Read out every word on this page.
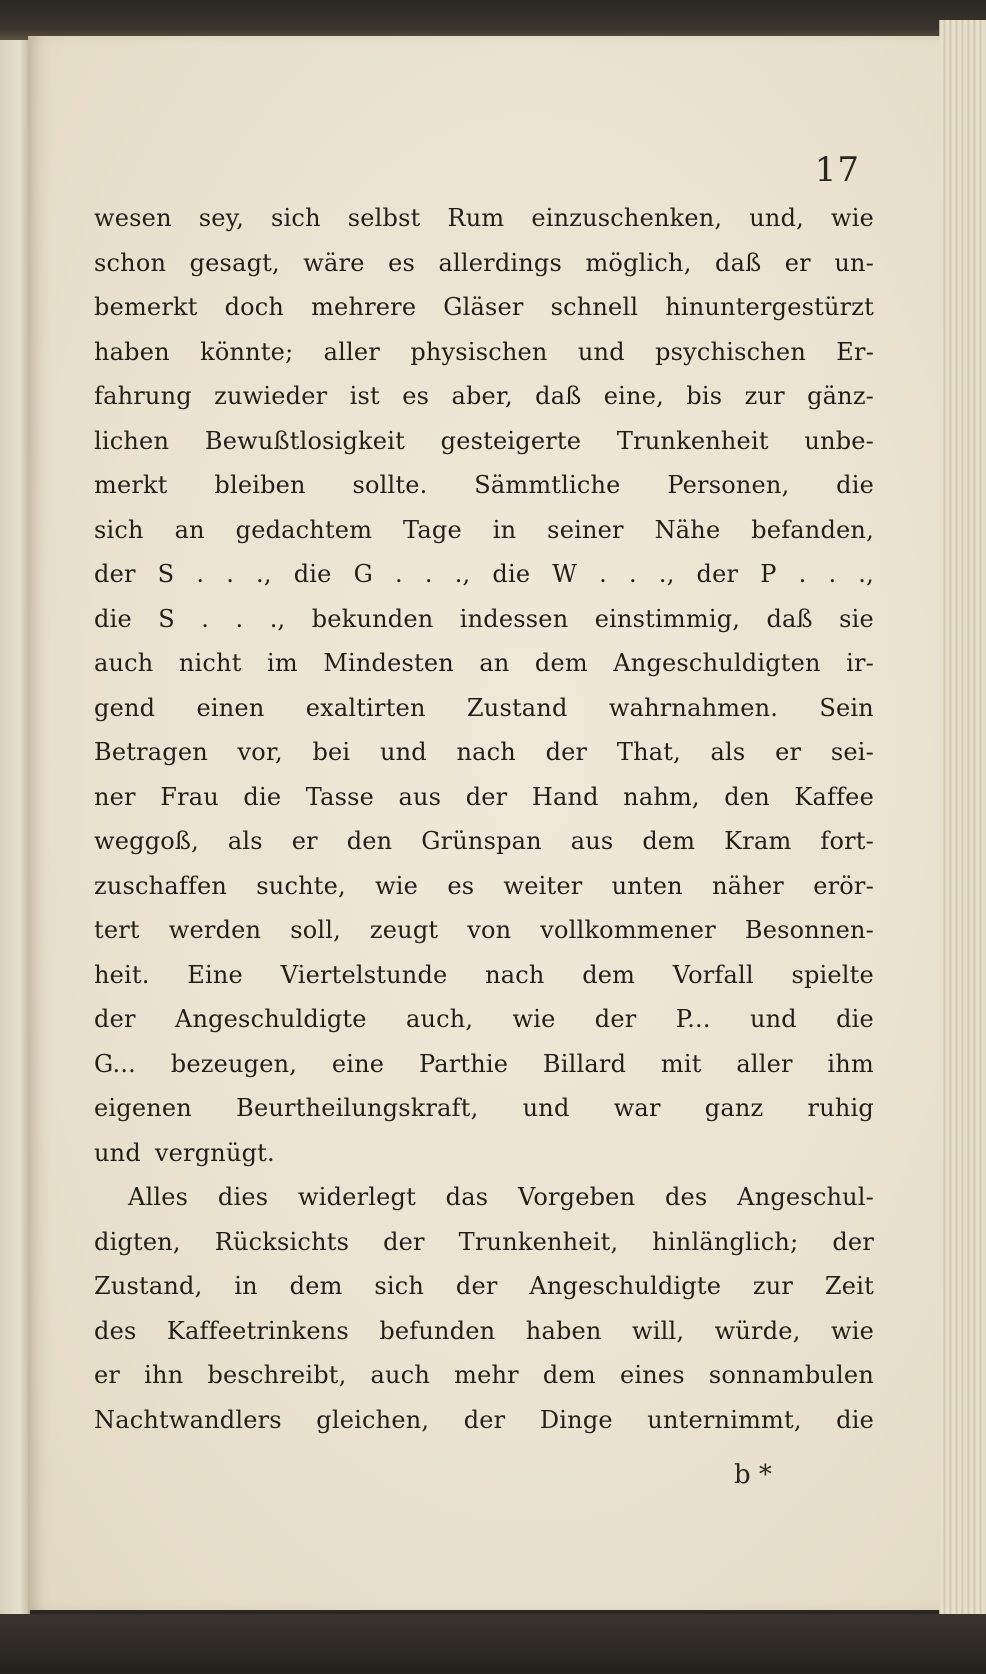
17
wesen sey, sich selbst Rum einzuschenken, und, wie
schon gesagt, wäre es allerdings möglich, daß er un-
bemerkt doch mehrere Gläser schnell hinuntergestürzt
haben könnte; aller physischen und psychischen Er-
fahrung zuwieder ist es aber, daß eine, bis zur gänz-
lichen Bewußtlosigkeit gesteigerte Trunkenheit unbe-
merkt bleiben sollte. Sämmtliche Personen, die
sich an gedachtem Tage in seiner Nähe befanden,
der S . . ., die G . . ., die W . . ., der P . . .,
die S . . ., bekunden indessen einstimmig, daß sie
auch nicht im Mindesten an dem Angeschuldigten ir-
gend einen exaltirten Zustand wahrnahmen. Sein
Betragen vor, bei und nach der That, als er sei-
ner Frau die Tasse aus der Hand nahm, den Kaffee
weggoß, als er den Grünspan aus dem Kram fort-
zuschaffen suchte, wie es weiter unten näher erör-
tert werden soll, zeugt von vollkommener Besonnen-
heit. Eine Viertelstunde nach dem Vorfall spielte
der Angeschuldigte auch, wie der P... und die
G... bezeugen, eine Parthie Billard mit aller ihm
eigenen Beurtheilungskraft, und war ganz ruhig
und vergnügt.
Alles dies widerlegt das Vorgeben des Angeschul-
digten, Rücksichts der Trunkenheit, hinlänglich; der
Zustand, in dem sich der Angeschuldigte zur Zeit
des Kaffeetrinkens befunden haben will, würde, wie
er ihn beschreibt, auch mehr dem eines sonnambulen
Nachtwandlers gleichen, der Dinge unternimmt, die
b *
